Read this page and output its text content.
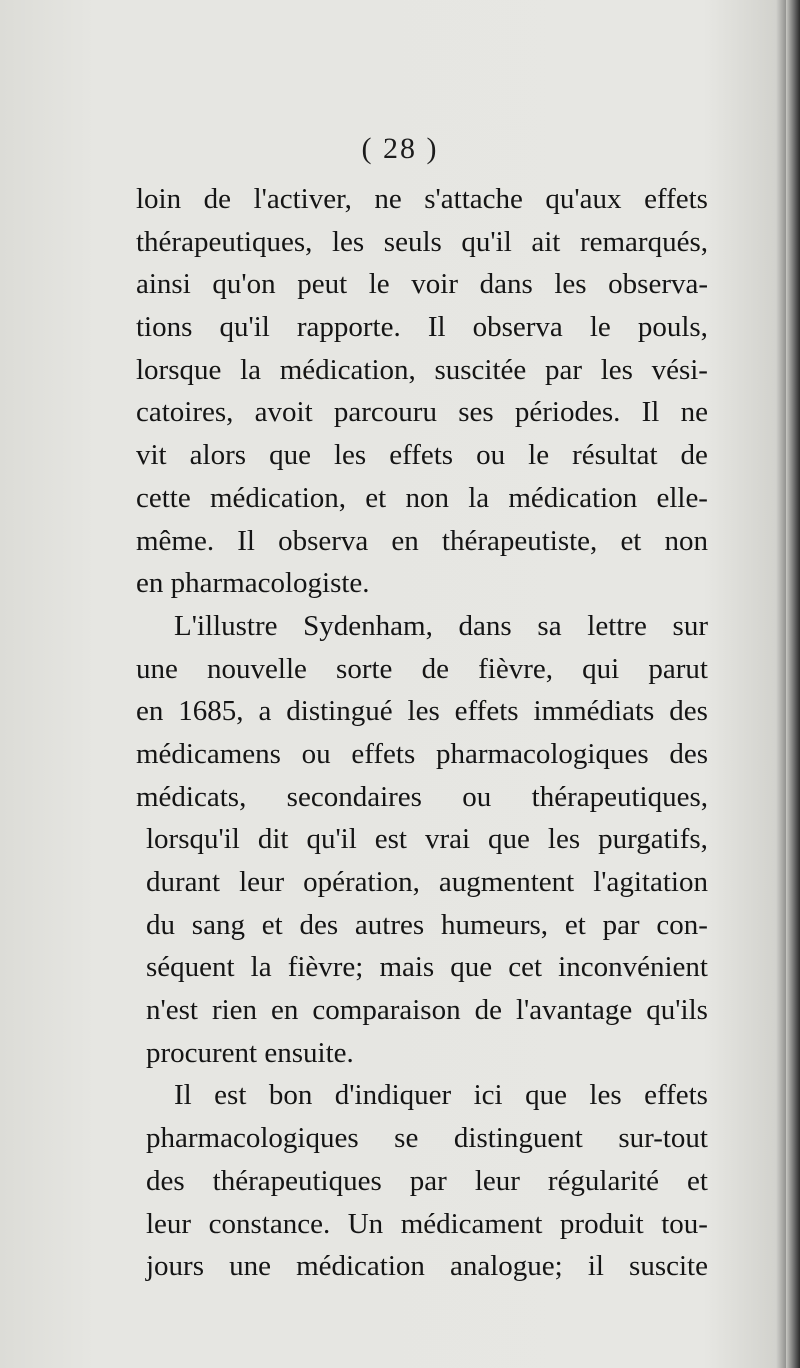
( 28 )
loin de l'activer, ne s'attache qu'aux effets
thérapeutiques, les seuls qu'il ait remarqués,
ainsi qu'on peut le voir dans les observa-
tions qu'il rapporte. Il observa le pouls,
lorsque la médication, suscitée par les vési-
catoires, avoit parcouru ses périodes. Il ne
vit alors que les effets ou le résultat de
cette médication, et non la médication elle-
même. Il observa en thérapeutiste, et non
en pharmacologiste.
L'illustre Sydenham, dans sa lettre sur
une nouvelle sorte de fièvre, qui parut
en 1685, a distingué les effets immédiats des
médicamens ou effets pharmacologiques des
médicats, secondaires ou thérapeutiques,
lorsqu'il dit qu'il est vrai que les purgatifs,
durant leur opération, augmentent l'agitation
du sang et des autres humeurs, et par con-
séquent la fièvre; mais que cet inconvénient
n'est rien en comparaison de l'avantage qu'ils
procurent ensuite.
Il est bon d'indiquer ici que les effets
pharmacologiques se distinguent sur-tout
des thérapeutiques par leur régularité et
leur constance. Un médicament produit tou-
jours une médication analogue; il suscite
